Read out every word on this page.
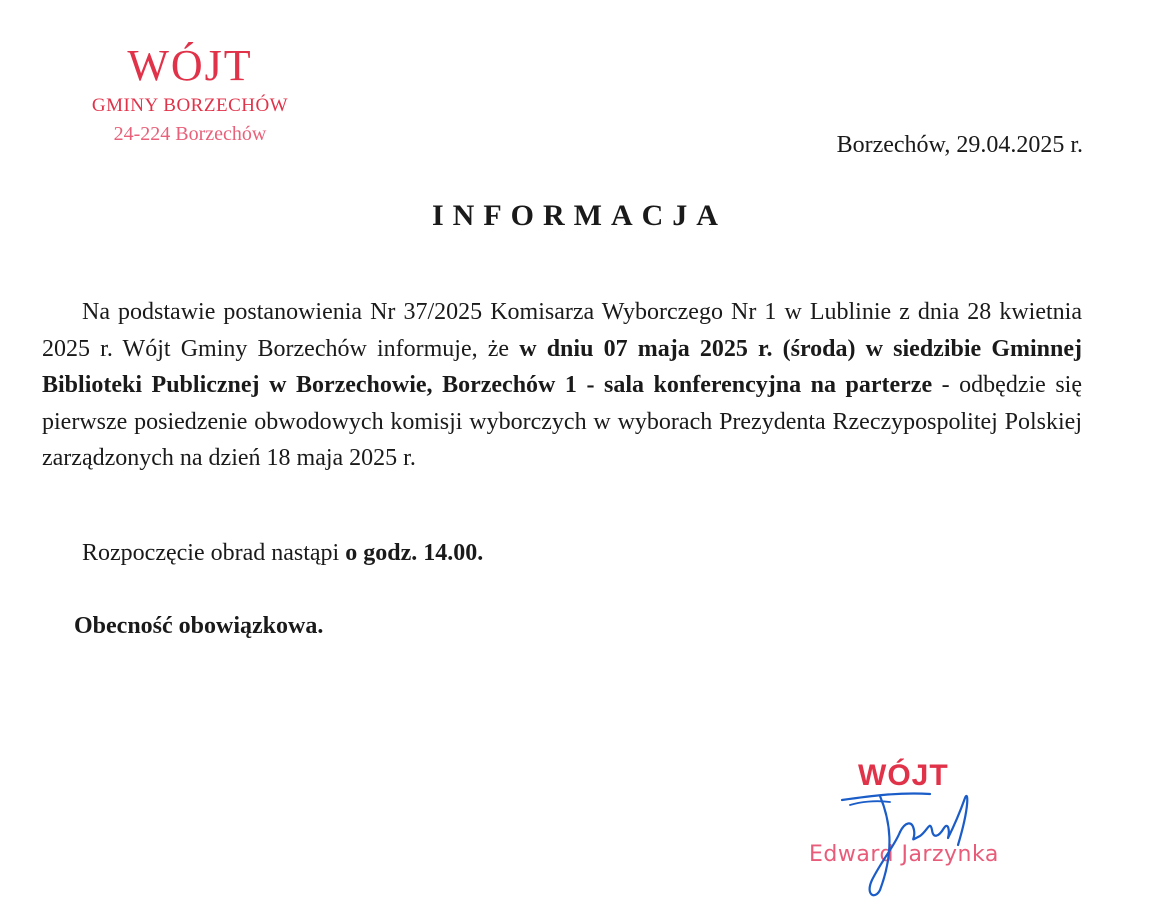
WÓJT
GMINY BORZECHÓW
24-224 Borzechów	Borzechów, 29.04.2025 r.
INFORMACJA
Na podstawie postanowienia Nr 37/2025 Komisarza Wyborczego Nr 1 w Lublinie z dnia 28 kwietnia 2025 r. Wójt Gminy Borzechów informuje, że w dniu 07 maja 2025 r. (środa) w siedzibie Gminnej Biblioteki Publicznej w Borzechowie, Borzechów 1 - sala konferencyjna na parterze - odbędzie się pierwsze posiedzenie obwodowych komisji wyborczych w wyborach Prezydenta Rzeczypospolitej Polskiej zarządzonych na dzień 18 maja 2025 r.
Rozpoczęcie obrad nastąpi o godz. 14.00.
Obecność obowiązkowa.
WÓJT
Edward Jarzynka
